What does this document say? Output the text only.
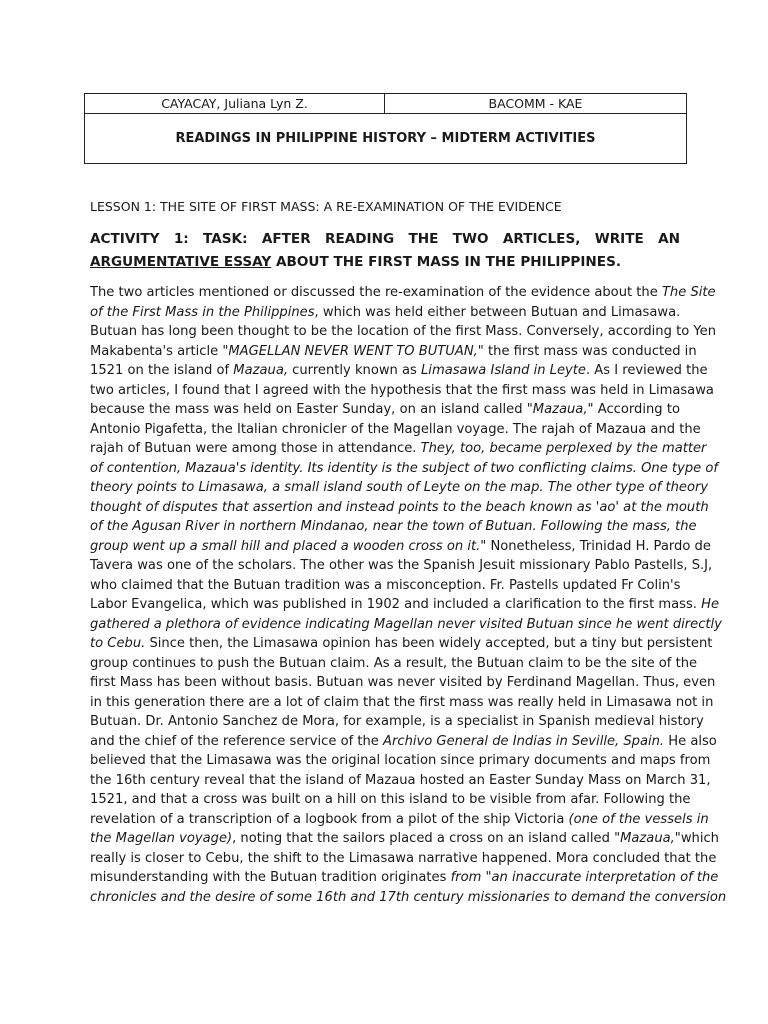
CAYACAY, Juliana Lyn Z.	BACOMM - KAE
READINGS IN PHILIPPINE HISTORY – MIDTERM ACTIVITIES
LESSON 1: THE SITE OF FIRST MASS: A RE-EXAMINATION OF THE EVIDENCE
ACTIVITY 1: TASK: AFTER READING THE TWO ARTICLES, WRITE AN
ARGUMENTATIVE ESSAY ABOUT THE FIRST MASS IN THE PHILIPPINES.
The two articles mentioned or discussed the re-examination of the evidence about the The Site
of the First Mass in the Philippines, which was held either between Butuan and Limasawa.
Butuan has long been thought to be the location of the first Mass. Conversely, according to Yen
Makabenta's article "MAGELLAN NEVER WENT TO BUTUAN," the first mass was conducted in
1521 on the island of Mazaua, currently known as Limasawa Island in Leyte. As I reviewed the
two articles, I found that I agreed with the hypothesis that the first mass was held in Limasawa
because the mass was held on Easter Sunday, on an island called "Mazaua," According to
Antonio Pigafetta, the Italian chronicler of the Magellan voyage. The rajah of Mazaua and the
rajah of Butuan were among those in attendance. They, too, became perplexed by the matter
of contention, Mazaua's identity. Its identity is the subject of two conflicting claims. One type of
theory points to Limasawa, a small island south of Leyte on the map. The other type of theory
thought of disputes that assertion and instead points to the beach known as 'ao' at the mouth
of the Agusan River in northern Mindanao, near the town of Butuan. Following the mass, the
group went up a small hill and placed a wooden cross on it." Nonetheless, Trinidad H. Pardo de
Tavera was one of the scholars. The other was the Spanish Jesuit missionary Pablo Pastells, S.J,
who claimed that the Butuan tradition was a misconception. Fr. Pastells updated Fr Colin's
Labor Evangelica, which was published in 1902 and included a clarification to the first mass. He
gathered a plethora of evidence indicating Magellan never visited Butuan since he went directly
to Cebu. Since then, the Limasawa opinion has been widely accepted, but a tiny but persistent
group continues to push the Butuan claim. As a result, the Butuan claim to be the site of the
first Mass has been without basis. Butuan was never visited by Ferdinand Magellan. Thus, even
in this generation there are a lot of claim that the first mass was really held in Limasawa not in
Butuan. Dr. Antonio Sanchez de Mora, for example, is a specialist in Spanish medieval history
and the chief of the reference service of the Archivo General de Indias in Seville, Spain. He also
believed that the Limasawa was the original location since primary documents and maps from
the 16th century reveal that the island of Mazaua hosted an Easter Sunday Mass on March 31,
1521, and that a cross was built on a hill on this island to be visible from afar. Following the
revelation of a transcription of a logbook from a pilot of the ship Victoria (one of the vessels in
the Magellan voyage), noting that the sailors placed a cross on an island called "Mazaua,"which
really is closer to Cebu, the shift to the Limasawa narrative happened. Mora concluded that the
misunderstanding with the Butuan tradition originates from "an inaccurate interpretation of the
chronicles and the desire of some 16th and 17th century missionaries to demand the conversion
